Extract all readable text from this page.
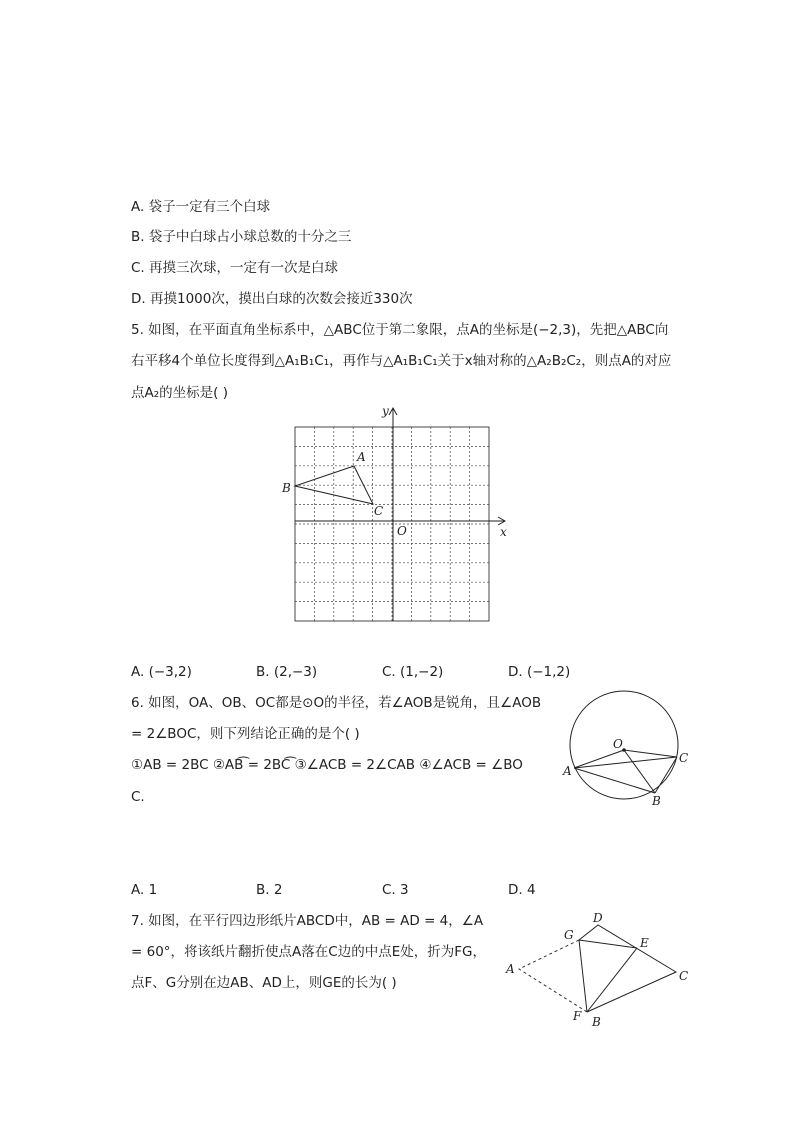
A. 袋子一定有三个白球
B. 袋子中白球占小球总数的十分之三
C. 再摸三次球，一定有一次是白球
D. 再摸1000次，摸出白球的次数会接近330次
5. 如图，在平面直角坐标系中，△ABC位于第二象限，点A的坐标是(−2,3)，先把△ABC向
右平移4个单位长度得到△A₁B₁C₁，再作与△A₁B₁C₁关于x轴对称的△A₂B₂C₂，则点A的对应
点A₂的坐标是( )
A
B
C
O	x
y
A. (−3,2)	B. (2,−3)	C. (1,−2)	D. (−1,2)
6. 如图，OA、OB、OC都是⊙O的半径，若∠AOB是锐角，且∠AOB
= 2∠BOC，则下列结论正确的是个( )
①AB = 2BC ②AB͡ = 2BC͡ ③∠ACB = 2∠CAB ④∠ACB = ∠BO
C.
O
A
B
C
A. 1	B. 2	C. 3	D. 4
7. 如图，在平行四边形纸片ABCD中，AB = AD = 4，∠A
= 60°，将该纸片翻折使点A落在C边的中点E处，折为FG，
点F、G分别在边AB、AD上，则GE的长为( )
A
B
C
D
E
F
G
